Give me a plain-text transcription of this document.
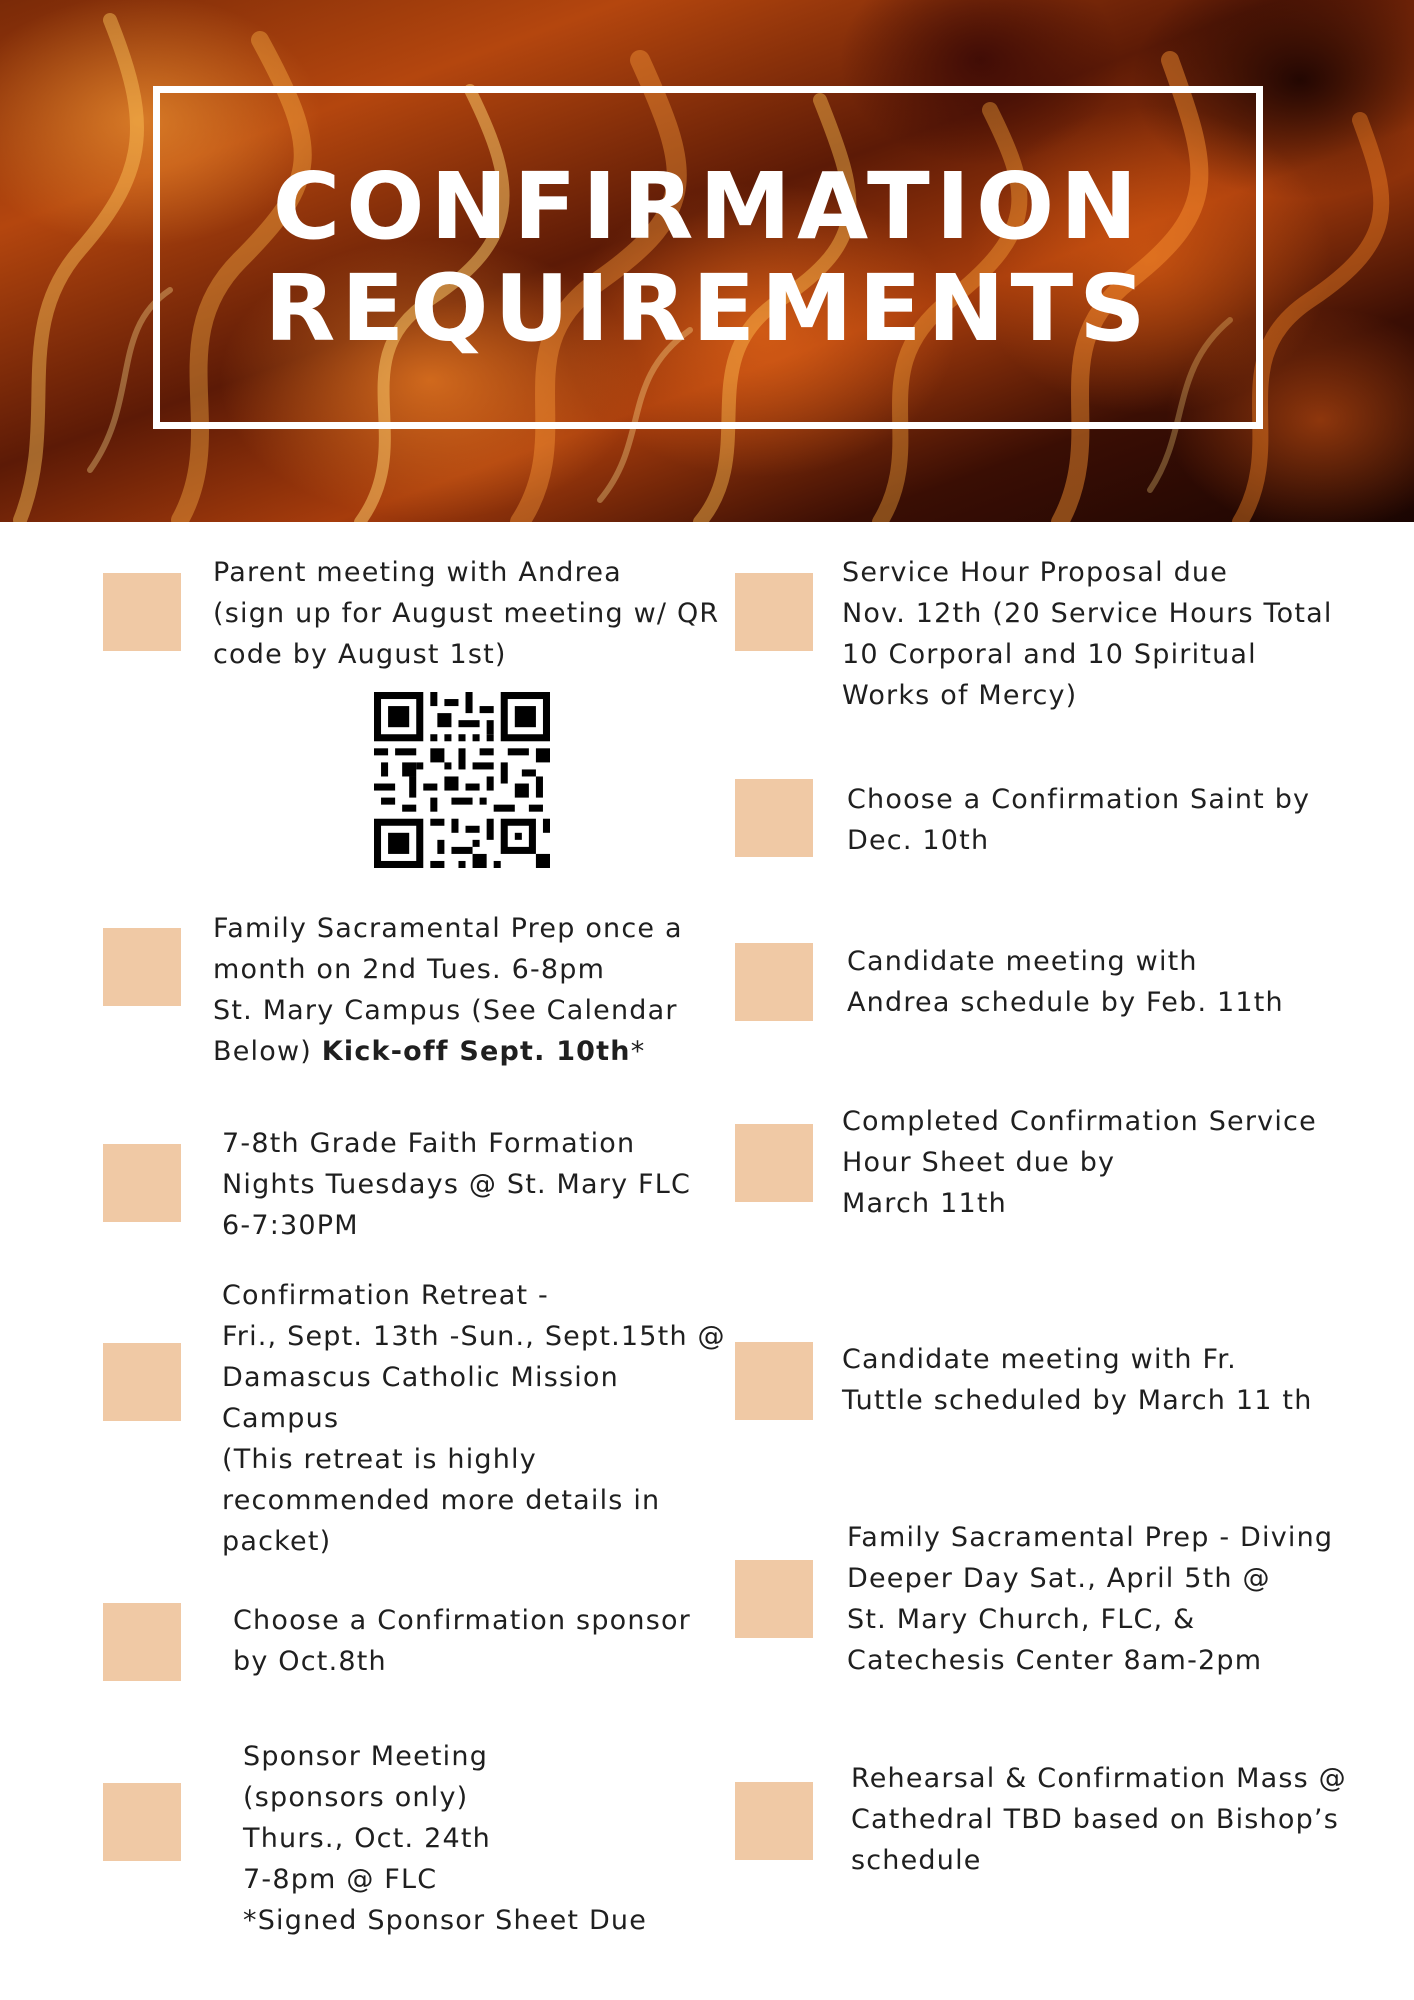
CONFIRMATION
REQUIREMENTS
Parent meeting with Andrea
(sign up for August meeting w/ QR
code by August 1st)
Family Sacramental Prep once a
month on 2nd Tues. 6-8pm
St. Mary Campus (See Calendar
Below) Kick-off Sept. 10th*
7-8th Grade Faith Formation
Nights Tuesdays @ St. Mary FLC
6-7:30PM
Confirmation Retreat -
Fri., Sept. 13th -Sun., Sept.15th @
Damascus Catholic Mission
Campus
(This retreat is highly
recommended more details in
packet)
Choose a Confirmation sponsor
by Oct.8th
Sponsor Meeting
(sponsors only)
Thurs., Oct. 24th
7-8pm @ FLC
*Signed Sponsor Sheet Due
Service Hour Proposal due
Nov. 12th (20 Service Hours Total
10 Corporal and 10 Spiritual
Works of Mercy)
Choose a Confirmation Saint by
Dec. 10th
Candidate meeting with
Andrea schedule by Feb. 11th
Completed Confirmation Service
Hour Sheet due by
March 11th
Candidate meeting with Fr.
Tuttle scheduled by March 11 th
Family Sacramental Prep - Diving
Deeper Day Sat., April 5th @
St. Mary Church, FLC, &
Catechesis Center 8am-2pm
Rehearsal & Confirmation Mass @
Cathedral TBD based on Bishop’s
schedule
